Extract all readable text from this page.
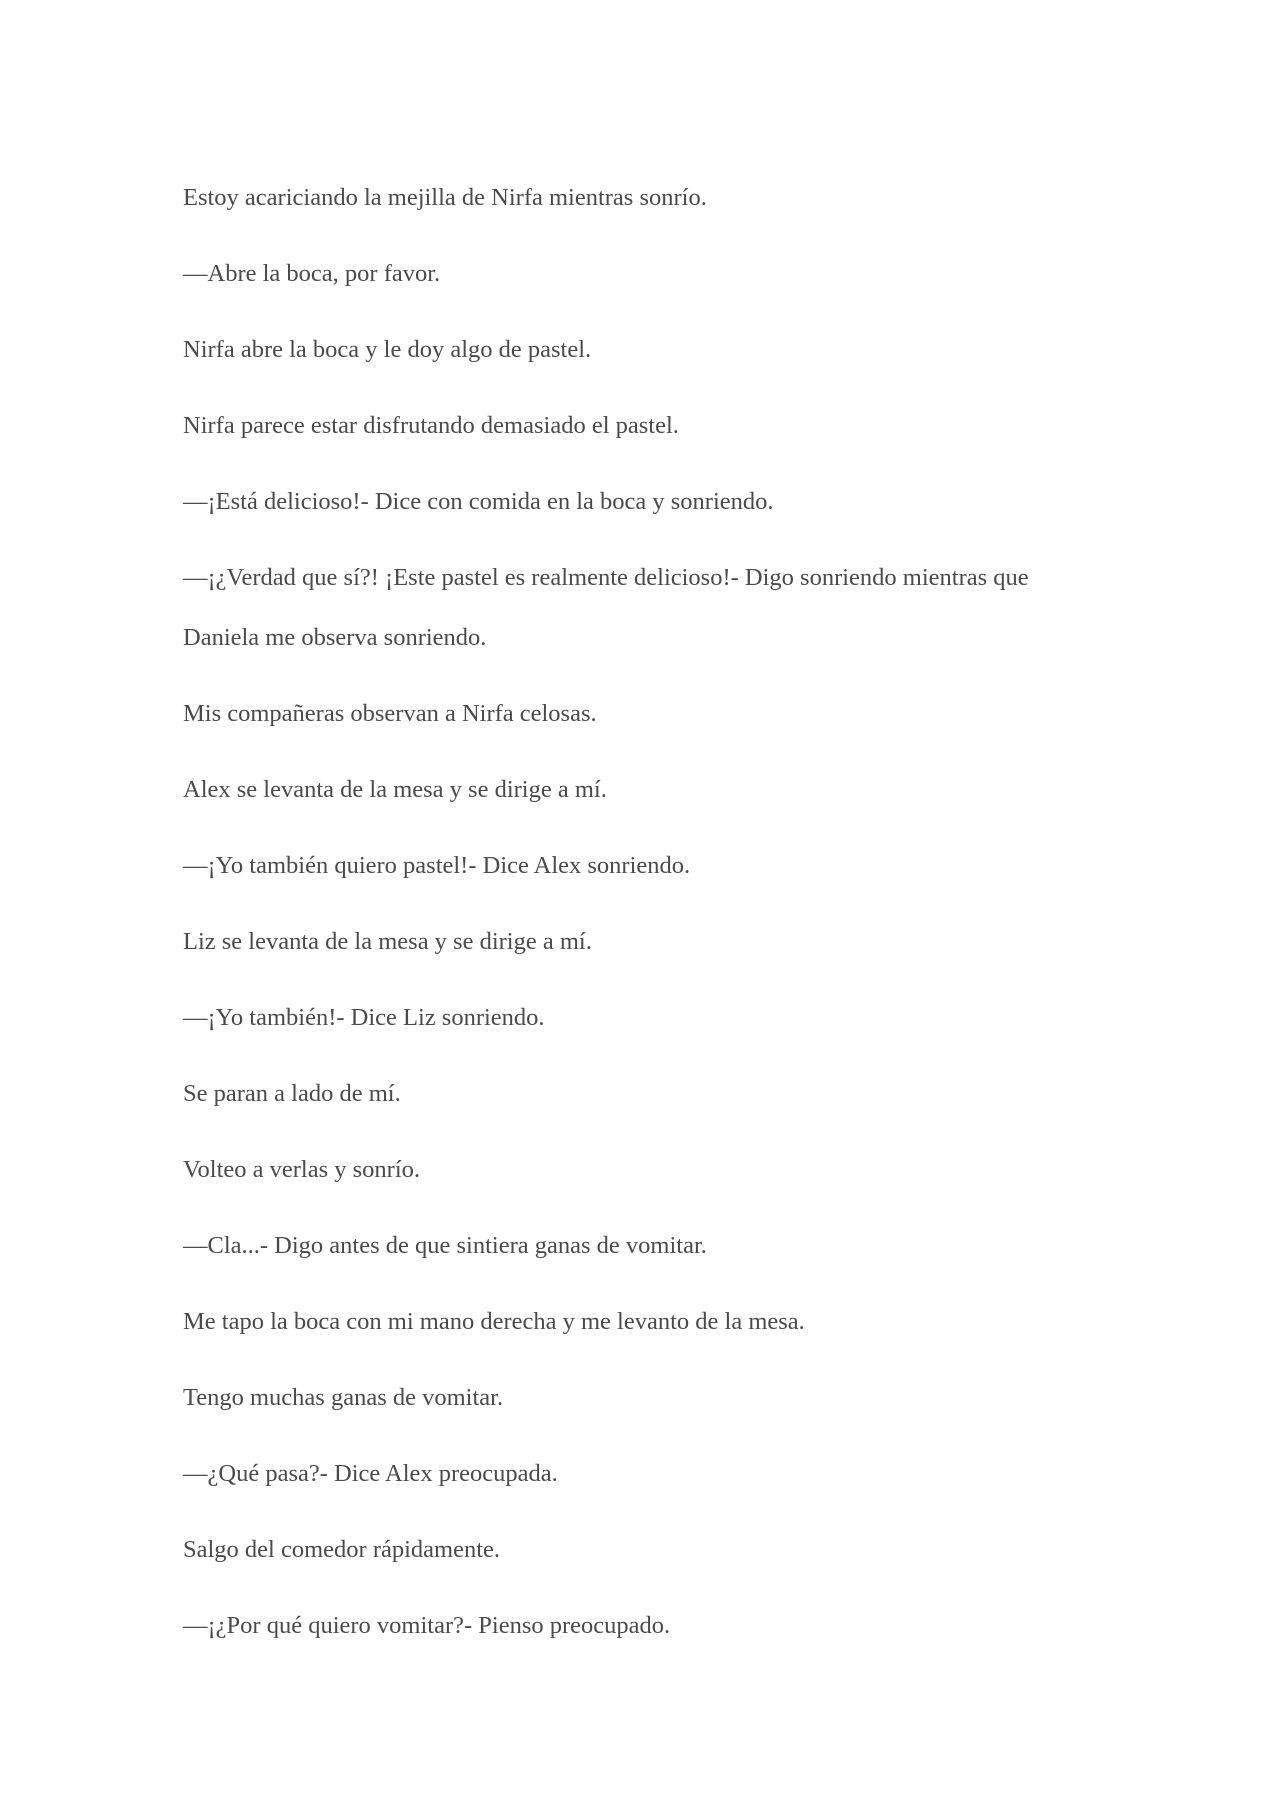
Estoy acariciando la mejilla de Nirfa mientras sonrío.

—Abre la boca, por favor.

Nirfa abre la boca y le doy algo de pastel.

Nirfa parece estar disfrutando demasiado el pastel.

—¡Está delicioso!- Dice con comida en la boca y sonriendo.

—¡¿Verdad que sí?! ¡Este pastel es realmente delicioso!- Digo sonriendo mientras que Daniela me observa sonriendo.

Mis compañeras observan a Nirfa celosas.

Alex se levanta de la mesa y se dirige a mí.

—¡Yo también quiero pastel!- Dice Alex sonriendo.

Liz se levanta de la mesa y se dirige a mí.

—¡Yo también!- Dice Liz sonriendo.

Se paran a lado de mí.

Volteo a verlas y sonrío.

—Cla...- Digo antes de que sintiera ganas de vomitar.

Me tapo la boca con mi mano derecha y me levanto de la mesa.

Tengo muchas ganas de vomitar.

—¿Qué pasa?- Dice Alex preocupada.

Salgo del comedor rápidamente.

—¡¿Por qué quiero vomitar?- Pienso preocupado.
